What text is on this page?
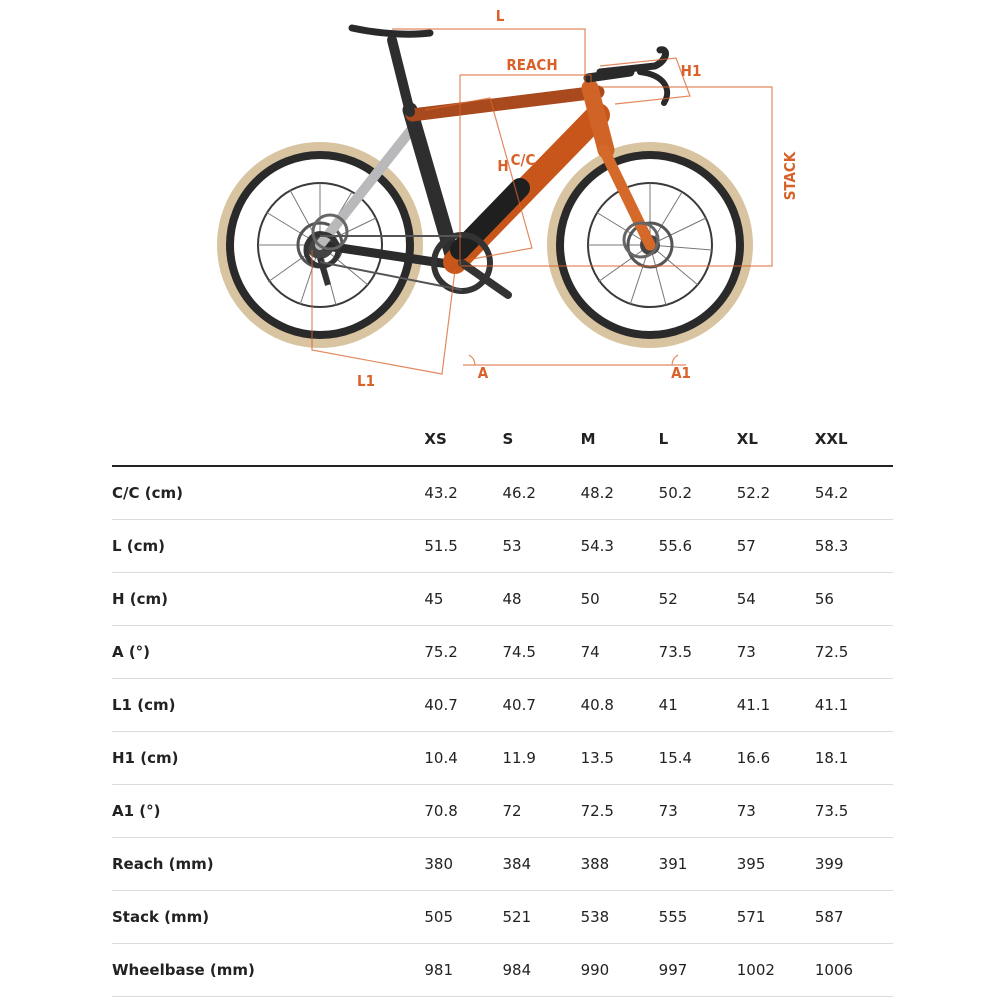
L
REACH	H1
H C/C	STACK
L1	A	A1
	XS	S	M	L	XL	XXL
C/C (cm)	43.2	46.2	48.2	50.2	52.2	54.2
L (cm)	51.5	53	54.3	55.6	57	58.3
H (cm)	45	48	50	52	54	56
A (°)	75.2	74.5	74	73.5	73	72.5
L1 (cm)	40.7	40.7	40.8	41	41.1	41.1
H1 (cm)	10.4	11.9	13.5	15.4	16.6	18.1
A1 (°)	70.8	72	72.5	73	73	73.5
Reach (mm)	380	384	388	391	395	399
Stack (mm)	505	521	538	555	571	587
Wheelbase (mm)	981	984	990	997	1002	1006
